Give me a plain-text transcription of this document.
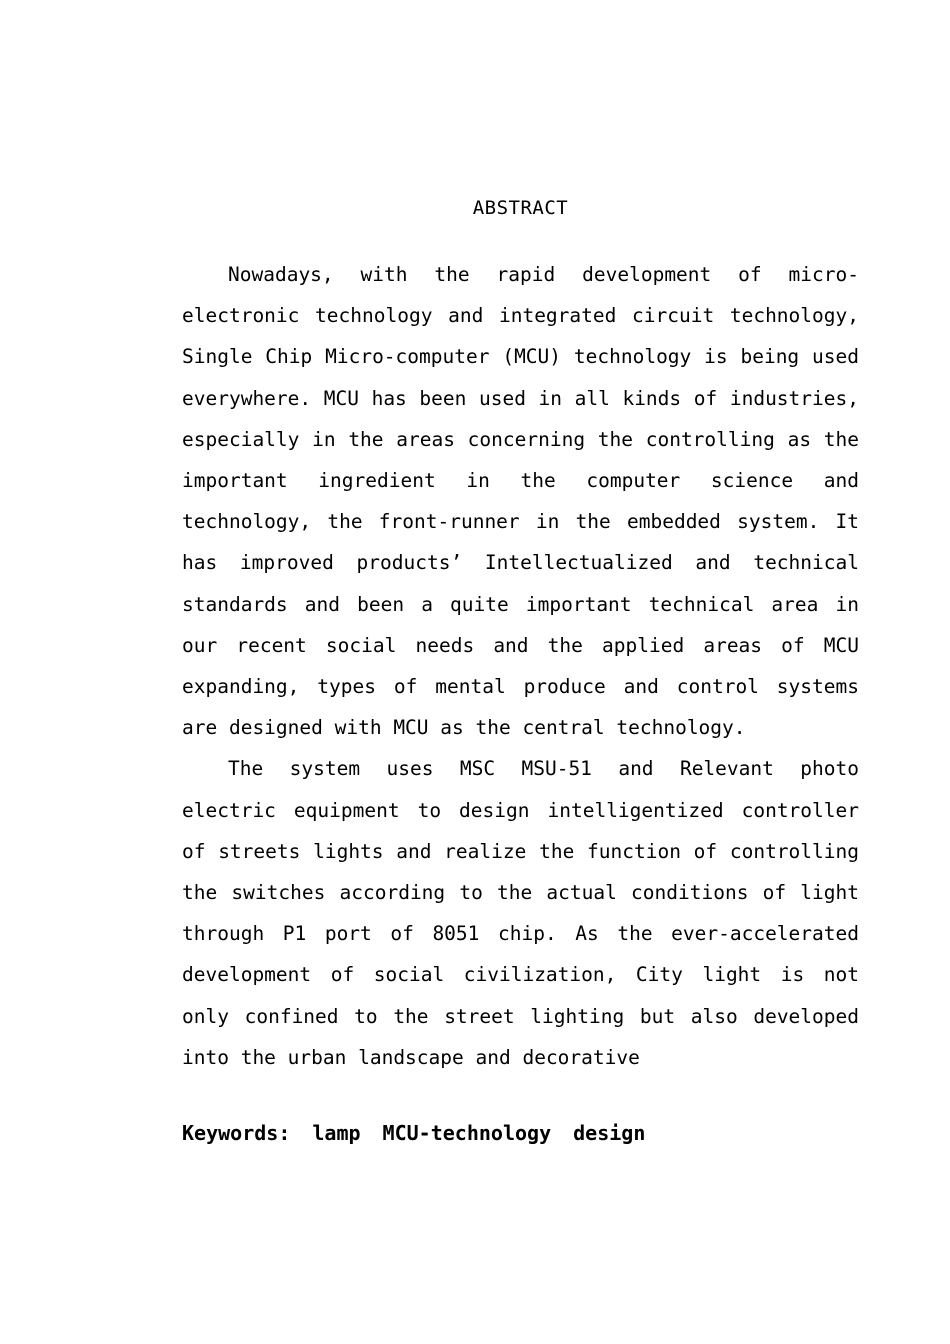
ABSTRACT

Nowadays, with the rapid development of micro-electronic technology and integrated circuit technology, Single Chip Micro-computer (MCU) technology is being used everywhere. MCU has been used in all kinds of industries, especially in the areas concerning the controlling as the important ingredient in the computer science and technology, the front-runner in the embedded system. It has improved products’ Intellectualized and technical standards and been a quite important technical area in our recent social needs and the applied areas of MCU expanding, types of mental produce and control systems are designed with MCU as the central technology.

The system uses MSC MSU-51 and Relevant photo electric equipment to design intelligentized controller of streets lights and realize the function of controlling the switches according to the actual conditions of light through P1 port of 8051 chip. As the ever-accelerated development of social civilization, City light is not only confined to the street lighting but also developed into the urban landscape and decorative

Keywords: lamp MCU-technology design
